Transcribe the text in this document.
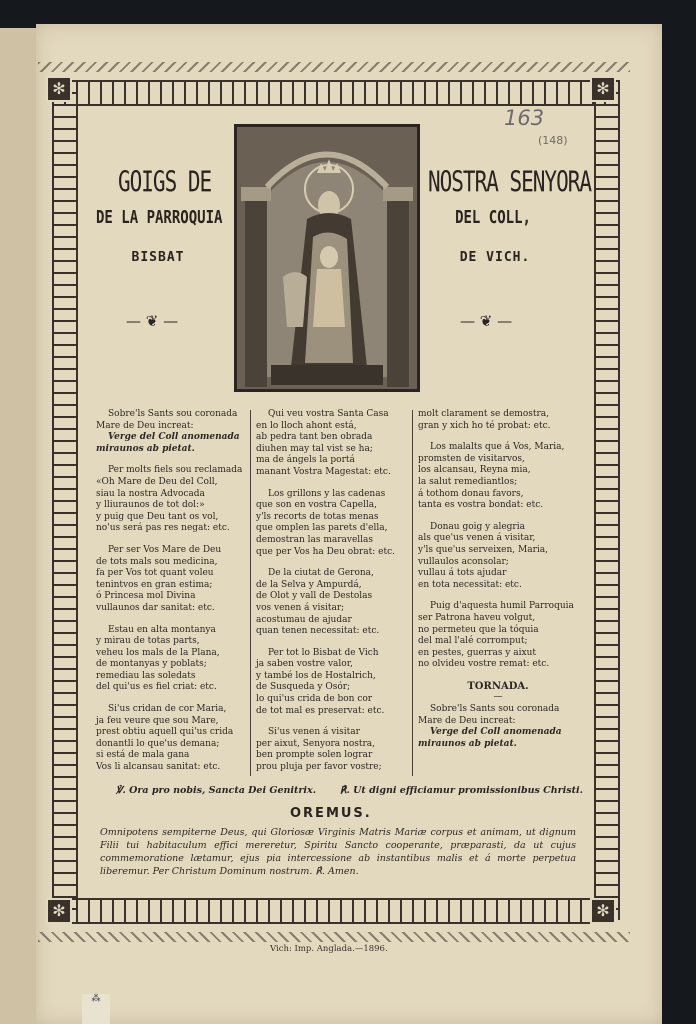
✻
✻
✻
✻
163
(148)
GOIGS DE
DE LA PARROQUIA
BISBAT
NOSTRA SENYORA
DEL COLL,
DE VICH.
— ❦ —	— ❦ —

Sobre'ls Sants sou coronada

Mare de Deu increat:

Verge del Coll anomenada

miraunos ab pietat.

Per molts fiels sou reclamada

«Oh Mare de Deu del Coll,

siau la nostra Advocada

y lliuraunos de tot dol:»

y puig que Deu tant os vol,

no'us será pas res negat: etc.

Per ser Vos Mare de Deu

de tots mals sou medicina,

fa per Vos tot quant voleu

tenintvos en gran estima;

ó Princesa mol Divina

vullaunos dar sanitat: etc.

Estau en alta montanya

y mirau de totas parts,

veheu los mals de la Plana,

de montanyas y poblats;

remediau las soledats

del qui'us es fiel criat: etc.

Si'us cridan de cor Maria,

ja feu veure que sou Mare,

prest obtiu aquell qui'us crida

donantli lo que'us demana;

si está de mala gana

Vos li alcansau sanitat: etc.

Qui veu vostra Santa Casa

en lo lloch ahont está,

ab pedra tant ben obrada

diuhen may tal vist se ha;

ma de ángels la portá

manant Vostra Magestat: etc.

Los grillons y las cadenas

que son en vostra Capella,

y'ls recorts de totas menas

que omplen las parets d'ella,

demostran las maravellas

que per Vos ha Deu obrat: etc.

De la ciutat de Gerona,

de la Selva y Ampurdá,

de Olot y vall de Destolas

vos venen á visitar;

acostumau de ajudar

quan tenen necessitat: etc.

Per tot lo Bisbat de Vich

ja saben vostre valor,

y també los de Hostalrich,

de Susqueda y Osór;

lo qui'us crida de bon cor

de tot mal es preservat: etc.

Si'us venen á visitar

per aixut, Senyora nostra,

ben prompte solen lograr

prou pluja per favor vostre;

molt clarament se demostra,

gran y xich ho té probat: etc.

Los malalts que á Vos, Maria,

promsten de visitarvos,

los alcansau, Reyna mia,

la salut remediantlos;

á tothom donau favors,

tanta es vostra bondat: etc.

Donau goig y alegria

als que'us venen á visitar,

y'ls que'us serveixen, Maria,

vullaulos aconsolar;

vullau á tots ajudar

en tota necessitat: etc.

Puig d'aquesta humil Parroquia

ser Patrona haveu volgut,

no permeteu que la tóquia

del mal l'alé corromput;

en pestes, guerras y aixut

no olvideu vostre remat: etc.

TORNADA.

—

Sobre'ls Sants sou coronada

Mare de Deu increat:

Verge del Coll anomenada

miraunos ab pietat.

℣. Ora pro nobis, Sancta Dei Genitrix.	℟. Ut digni efficiamur promissionibus Christi.
OREMUS.
Omnipotens sempiterne Deus, qui Gloriosæ Virginis Matris Mariæ corpus et animam, ut dignum Filii tui habitaculum effici mereretur, Spiritu Sancto cooperante, præparasti, da ut cujus commemoratione lætamur, ejus pia intercessione ab instantibus malis et á morte perpetua liberemur. Per Christum Dominum nostrum. ℟. Amen.
Vich: Imp. Anglada.—1896.
⁂
